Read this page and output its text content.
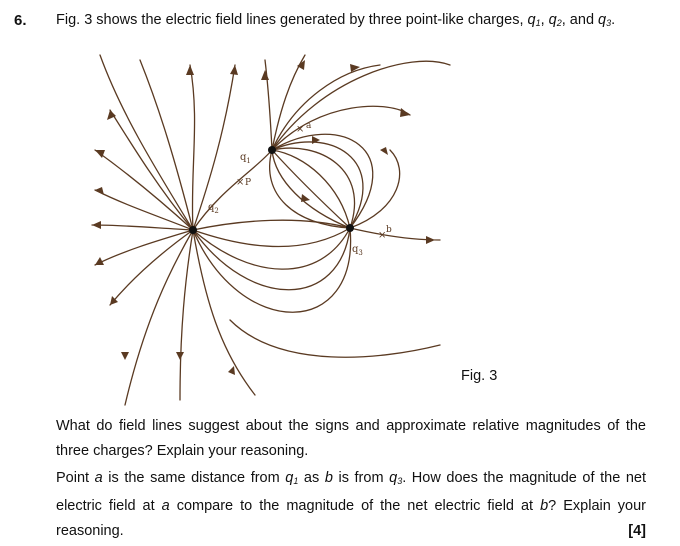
6. Fig. 3 shows the electric field lines generated by three point-like charges, $q_1$, $q_2$, and $q_3$.
×
×
×
$q_1$
$q_2$
$q_3$
a
b
P
Fig. 3
What do field lines suggest about the signs and approximate relative magnitudes of the three charges? Explain your reasoning.
Point a is the same distance from $q_1$ as b is from $q_3$. How does the magnitude of the net electric field at a compare to the magnitude of the net electric field at b? Explain your reasoning.	[4]
